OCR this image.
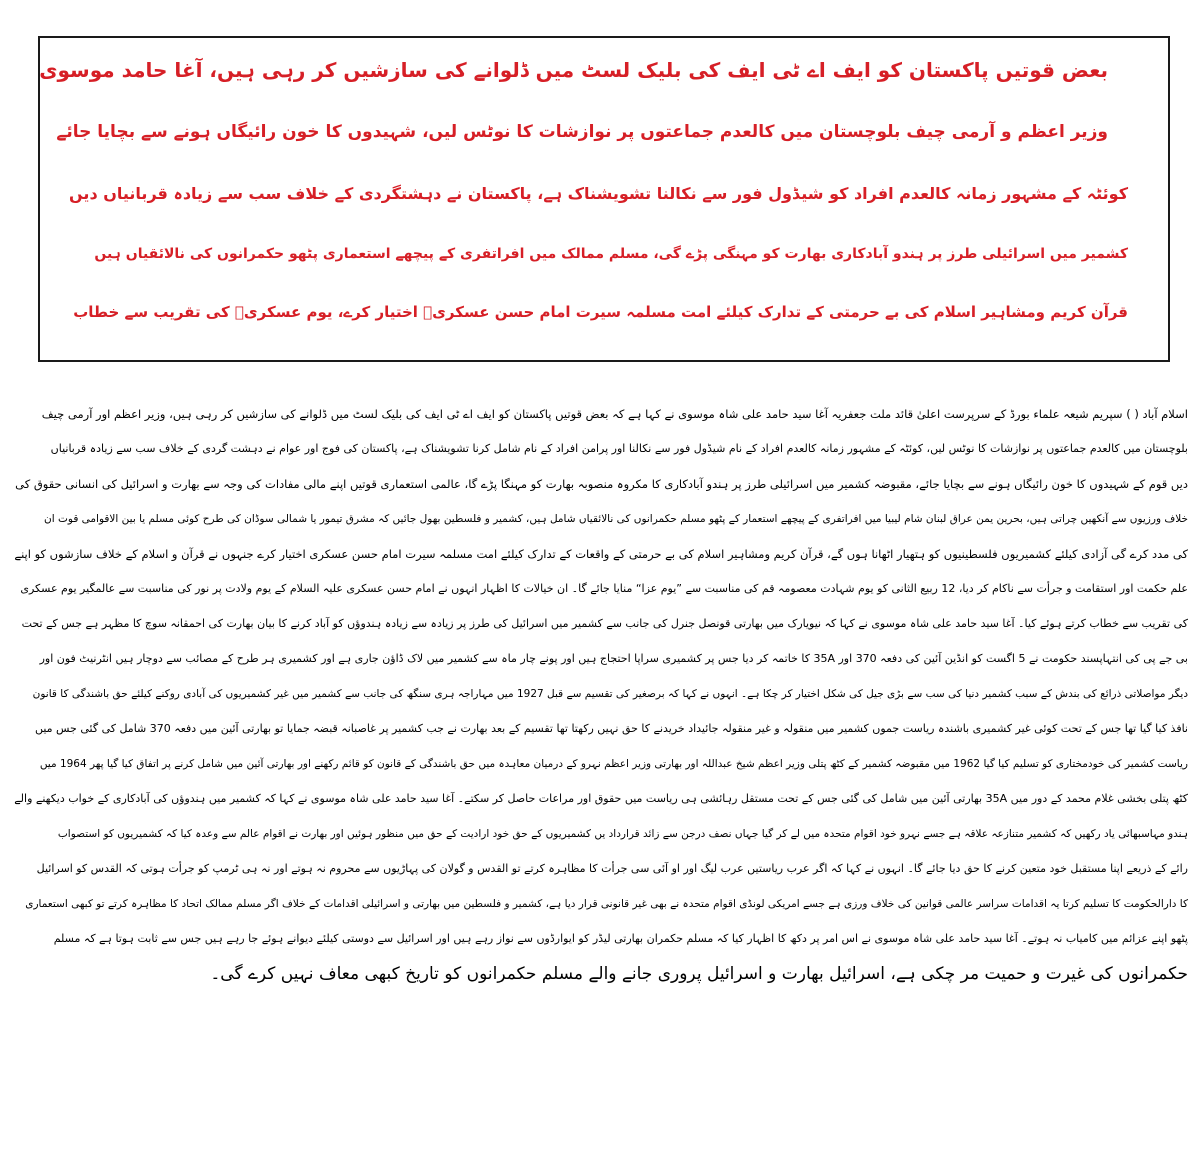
بعض قوتیں پاکستان کو ایف اے ٹی ایف کی بلیک لسٹ میں ڈلوانے کی سازشیں کر رہی ہیں، آغا حامد موسوی
وزیر اعظم و آرمی چیف بلوچستان میں کالعدم جماعتوں پر نوازشات کا نوٹس لیں، شہیدوں کا خون رائیگاں ہونے سے بچایا جائے
کوئٹہ کے مشہور زمانہ کالعدم افراد کو شیڈول فور سے نکالنا تشویشناک ہے، پاکستان نے دہشتگردی کے خلاف سب سے زیادہ قربانیاں دیں
کشمیر میں اسرائیلی طرز پر ہندو آبادکاری بھارت کو مہنگی پڑے گی، مسلم ممالک میں افراتفری کے پیچھے استعماری پٹھو حکمرانوں کی نالائقیاں ہیں
قرآن کریم ومشاہیر اسلام کی بے حرمتی کے تدارک کیلئے امت مسلمہ سیرت امام حسن عسکریؑ اختیار کرے، یوم عسکریؑ کی تقریب سے خطاب
اسلام آباد ( ) سپریم شیعہ علماء بورڈ کے سرپرست اعلیٰ قائد ملت جعفریہ آغا سید حامد علی شاہ موسوی نے کہا ہے کہ بعض قوتیں پاکستان کو ایف اے ٹی ایف کی بلیک لسٹ میں ڈلوانے کی سازشیں کر رہی ہیں، وزیر اعظم اور آرمی چیف
بلوچستان میں کالعدم جماعتوں پر نوازشات کا نوٹس لیں، کوئٹہ کے مشہور زمانہ کالعدم افراد کے نام شیڈول فور سے نکالنا اور پرامن افراد کے نام شامل کرنا تشویشناک ہے، پاکستان کی فوج اور عوام نے دہشت گردی کے خلاف سب سے زیادہ قربانیاں
دیں قوم کے شہیدوں کا خون رائیگاں ہونے سے بچایا جائے، مقبوضہ کشمیر میں اسرائیلی طرز پر ہندو آبادکاری کا مکروہ منصوبہ بھارت کو مہنگا پڑے گا، عالمی استعماری قوتیں اپنے مالی مفادات کی وجہ سے بھارت و اسرائیل کی انسانی حقوق کی
خلاف ورزیوں سے آنکھیں چراتی ہیں، بحرین یمن عراق لبنان شام لیبیا میں افراتفری کے پیچھے استعمار کے پٹھو مسلم حکمرانوں کی نالائقیاں شامل ہیں، کشمیر و فلسطین بھول جائیں کہ مشرق تیمور یا شمالی سوڈان کی طرح کوئی مسلم یا بین الاقوامی قوت ان
کی مدد کرے گی آزادی کیلئے کشمیریوں فلسطینیوں کو ہتھیار اٹھانا ہوں گے، قرآن کریم ومشاہیر اسلام کی بے حرمتی کے واقعات کے تدارک کیلئے امت مسلمہ سیرت امام حسن عسکری اختیار کرے جنہوں نے قرآن و اسلام کے خلاف سازشوں کو اپنے
علم حکمت اور استقامت و جرأت سے ناکام کر دیا، 12 ربیع الثانی کو یوم شہادت معصومہ قم کی مناسبت سے ”یوم عزا“ منایا جائے گا۔ ان خیالات کا اظہار انہوں نے امام حسن عسکری علیہ السلام کے یوم ولادت پر نور کی مناسبت سے عالمگیر یوم عسکری
کی تقریب سے خطاب کرتے ہوئے کیا۔ آغا سید حامد علی شاہ موسوی نے کہا کہ نیویارک میں بھارتی قونصل جنرل کی جانب سے کشمیر میں اسرائیل کی طرز پر زیادہ سے زیادہ ہندوؤں کو آباد کرنے کا بیان بھارت کی احمقانہ سوچ کا مظہر ہے جس کے تحت
بی جے پی کی انتہاپسند حکومت نے 5 اگست کو انڈین آئین کی دفعہ 370 اور 35A کا خاتمہ کر دیا جس پر کشمیری سراپا احتجاج ہیں اور پونے چار ماہ سے کشمیر میں لاک ڈاؤن جاری ہے اور کشمیری ہر طرح کے مصائب سے دوچار ہیں انٹرنیٹ فون اور
دیگر مواصلاتی ذرائع کی بندش کے سبب کشمیر دنیا کی سب سے بڑی جیل کی شکل اختیار کر چکا ہے۔ انہوں نے کہا کہ برصغیر کی تقسیم سے قبل 1927 میں مہاراجہ ہری سنگھ کی جانب سے کشمیر میں غیر کشمیریوں کی آبادی روکنے کیلئے حق باشندگی کا قانون
نافذ کیا گیا تھا جس کے تحت کوئی غیر کشمیری باشندہ ریاست جموں کشمیر میں منقولہ و غیر منقولہ جائیداد خریدنے کا حق نہیں رکھتا تھا تقسیم کے بعد بھارت نے جب کشمیر پر غاصبانہ قبضہ جمایا تو بھارتی آئین میں دفعہ 370 شامل کی گئی جس میں
ریاست کشمیر کی خودمختاری کو تسلیم کیا گیا 1962 میں مقبوضہ کشمیر کے کٹھ پتلی وزیر اعظم شیخ عبداللہ اور بھارتی وزیر اعظم نہرو کے درمیان معاہدہ میں حق باشندگی کے قانون کو قائم رکھنے اور بھارتی آئین میں شامل کرنے پر اتفاق کیا گیا پھر 1964 میں
کٹھ پتلی بخشی غلام محمد کے دور میں 35A بھارتی آئین میں شامل کی گئی جس کے تحت مستقل رہائشی ہی ریاست میں حقوق اور مراعات حاصل کر سکتے۔ آغا سید حامد علی شاہ موسوی نے کہا کہ کشمیر میں ہندوؤں کی آبادکاری کے خواب دیکھنے والے
ہندو مہاسبھائی یاد رکھیں کہ کشمیر متنازعہ علاقہ ہے جسے نہرو خود اقوام متحدہ میں لے کر گیا جہاں نصف درجن سے زائد قرارداد یں کشمیریوں کے حق خود ارادیت کے حق میں منظور ہوئیں اور بھارت نے اقوام عالم سے وعدہ کیا کہ کشمیریوں کو استصواب
رائے کے ذریعے اپنا مستقبل خود متعین کرنے کا حق دیا جائے گا۔ انہوں نے کہا کہ اگر عرب ریاستیں عرب لیگ اور او آئی سی جرأت کا مظاہرہ کرتے تو القدس و گولان کی پہاڑیوں سے محروم نہ ہوتے اور نہ ہی ٹرمپ کو جرأت ہوتی کہ القدس کو اسرائیل
کا دارالحکومت کا تسلیم کرتا یہ اقدامات سراسر عالمی قوانین کی خلاف ورزی ہے جسے امریکی لونڈی اقوام متحدہ نے بھی غیر قانونی قرار دیا ہے، کشمیر و فلسطین میں بھارتی و اسرائیلی اقدامات کے خلاف اگر مسلم ممالک اتحاد کا مظاہرہ کرتے تو کبھی استعماری
پٹھو اپنے عزائم میں کامیاب نہ ہوتے۔ آغا سید حامد علی شاہ موسوی نے اس امر پر دکھ کا اظہار کیا کہ مسلم حکمران بھارتی لیڈر کو ایوارڈوں سے نواز رہے ہیں اور اسرائیل سے دوستی کیلئے دیوانے ہوئے جا رہے ہیں جس سے ثابت ہوتا ہے کہ مسلم
حکمرانوں کی غیرت و حمیت مر چکی ہے، اسرائیل بھارت و اسرائیل پروری جانے والے مسلم حکمرانوں کو تاریخ کبھی معاف نہیں کرے گی۔
